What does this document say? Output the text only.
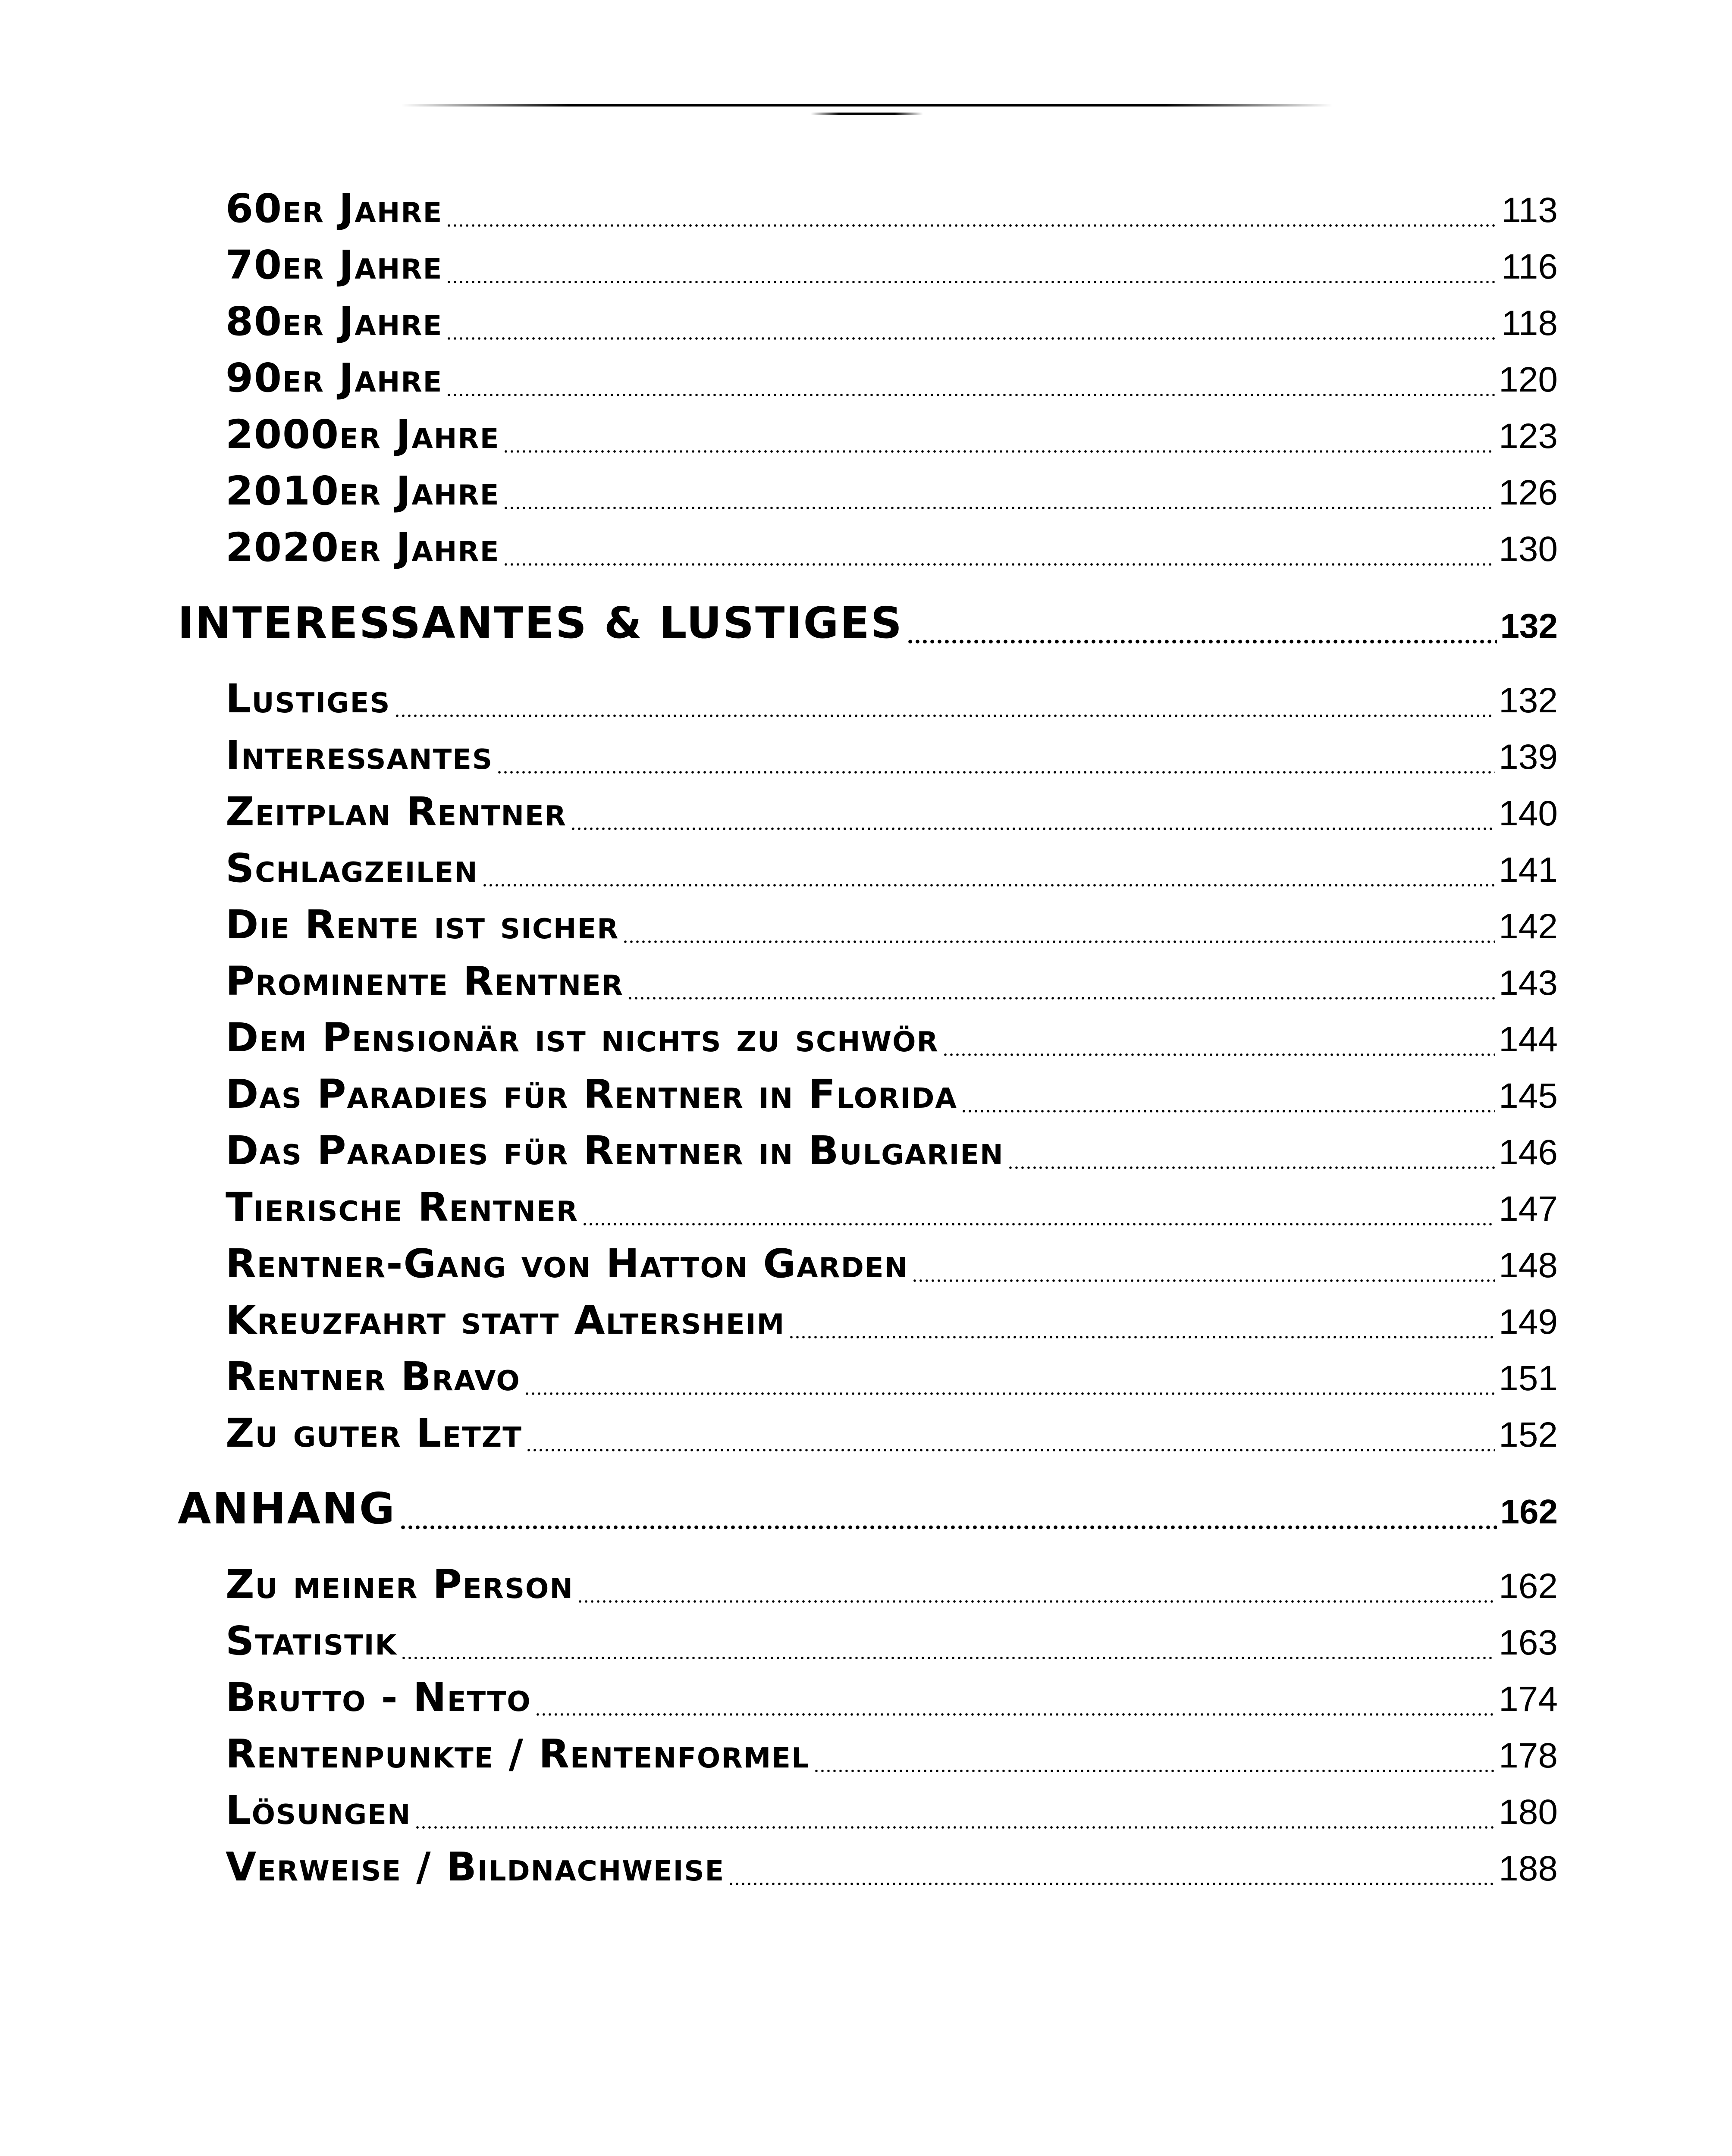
60er Jahre	113
70er Jahre	116
80er Jahre	118
90er Jahre	120
2000er Jahre	123
2010er Jahre	126
2020er Jahre	130
INTERESSANTES & LUSTIGES	132
Lustiges	132
Interessantes	139
Zeitplan Rentner	140
Schlagzeilen	141
Die Rente ist sicher	142
Prominente Rentner	143
Dem Pensionär ist nichts zu schwör	144
Das Paradies für Rentner in Florida	145
Das Paradies für Rentner in Bulgarien	146
Tierische Rentner	147
Rentner-Gang von Hatton Garden	148
Kreuzfahrt statt Altersheim	149
Rentner Bravo	151
Zu guter Letzt	152
ANHANG	162
Zu meiner Person	162
Statistik	163
Brutto - Netto	174
Rentenpunkte / Rentenformel	178
Lösungen	180
Verweise / Bildnachweise	188
